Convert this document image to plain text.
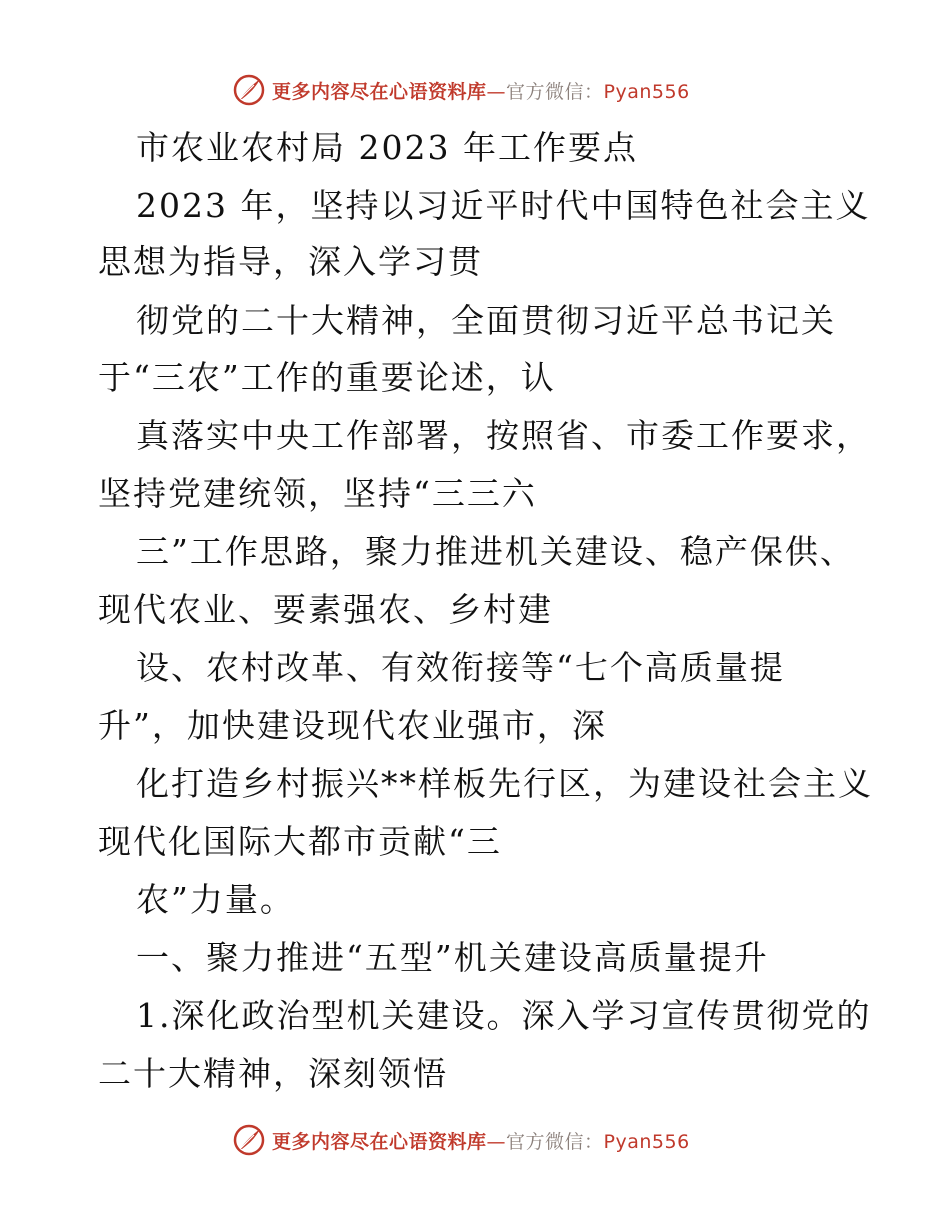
更多内容尽在心语资料库—官方微信：Pyan556
市农业农村局 2023 年工作要点
2023 年，坚持以习近平时代中国特色社会主义
思想为指导，深入学习贯
彻党的二十大精神，全面贯彻习近平总书记关
于“三农”工作的重要论述，认
真落实中央工作部署，按照省、市委工作要求，
坚持党建统领，坚持“三三六
三”工作思路，聚力推进机关建设、稳产保供、
现代农业、要素强农、乡村建
设、农村改革、有效衔接等“七个高质量提
升”，加快建设现代农业强市，深
化打造乡村振兴**样板先行区，为建设社会主义
现代化国际大都市贡献“三
农”力量。
一、聚力推进“五型”机关建设高质量提升
1.深化政治型机关建设。深入学习宣传贯彻党的
二十大精神，深刻领悟
更多内容尽在心语资料库—官方微信：Pyan556
